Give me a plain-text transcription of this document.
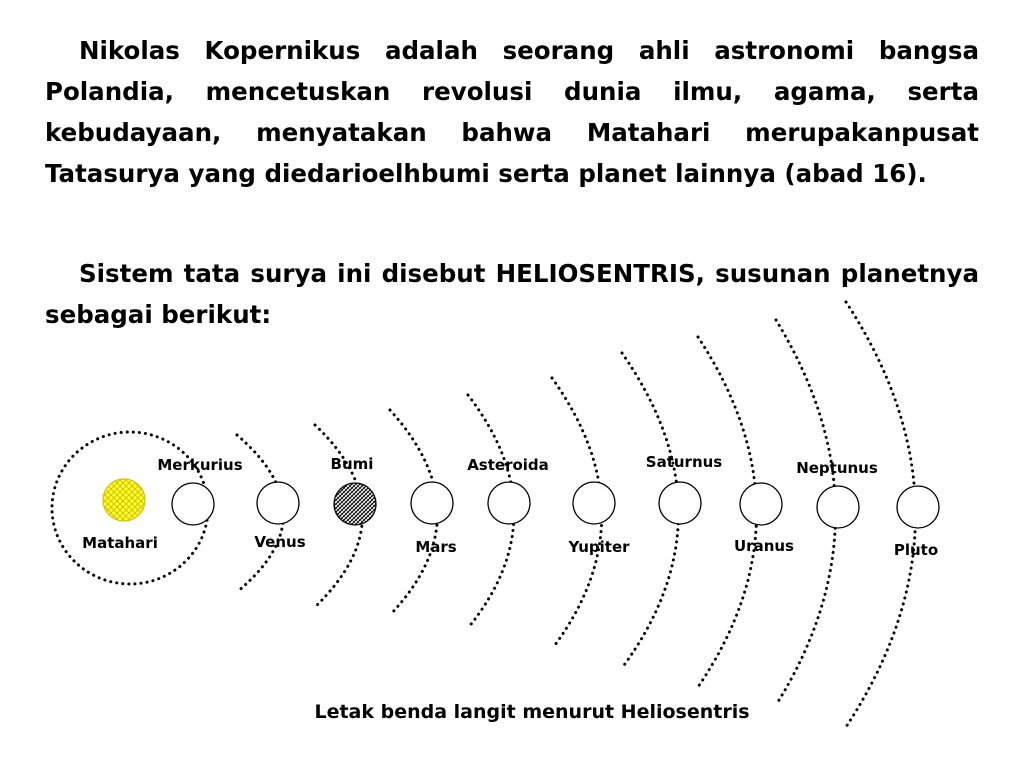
Nikolas Kopernikus adalah seorang ahli astronomi bangsa Polandia, mencetuskan revolusi dunia ilmu, agama, serta kebudayaan, menyatakan bahwa Matahari merupakanpusat Tatasurya yang diedarioelhbumi serta planet lainnya (abad 16).

Sistem tata surya ini disebut HELIOSENTRIS, susunan planetnya sebagai berikut:

Matahari
Merkurius
Venus
Bumi
Mars
Asteroida
Yupiter
Saturnus
Uranus
Neptunus
Pluto
Letak benda langit menurut Heliosentris
